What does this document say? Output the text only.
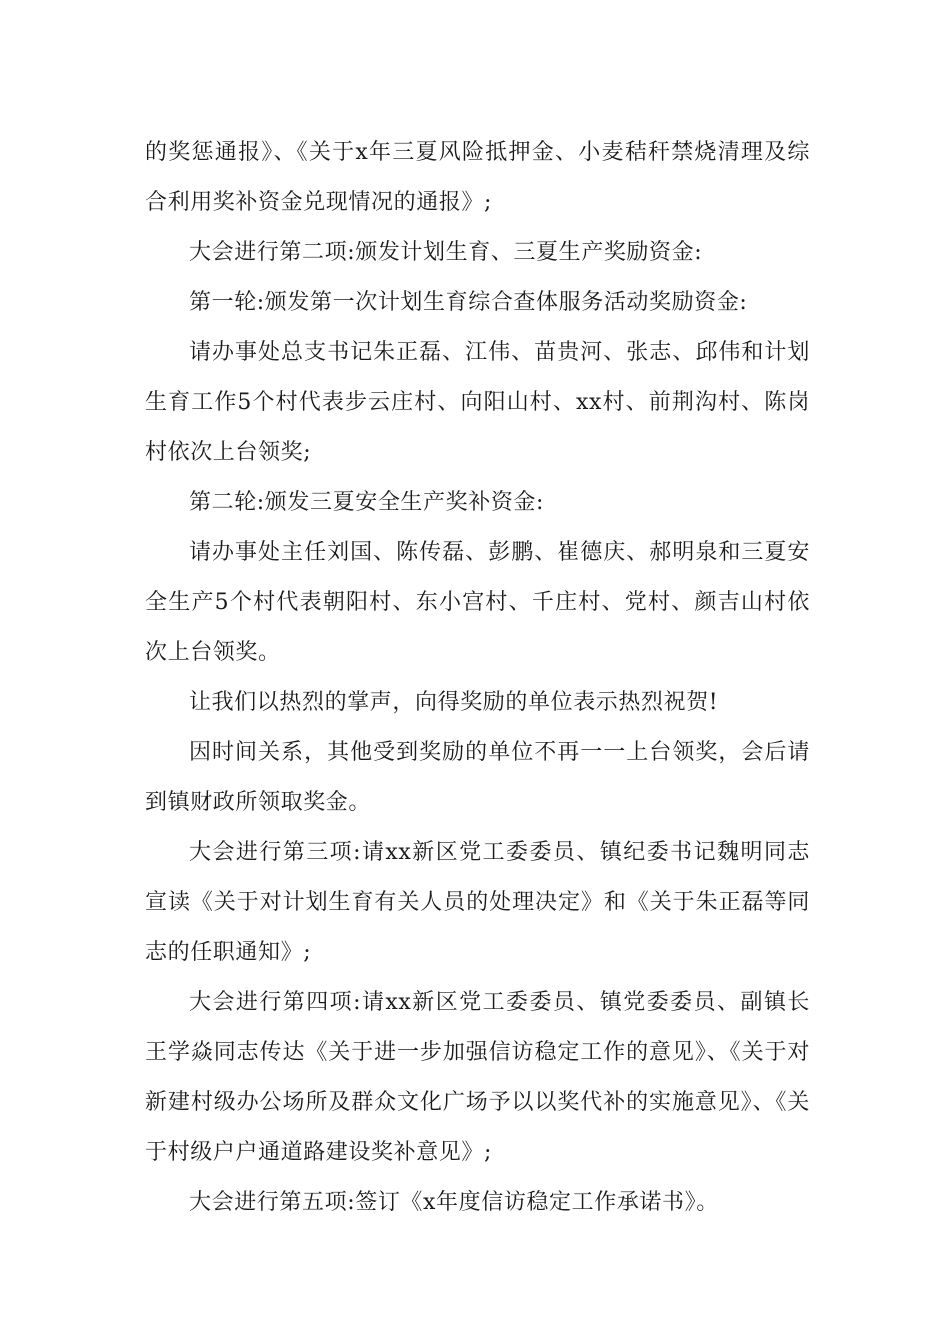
的奖惩通报》、《关于x年三夏风险抵押金、小麦秸秆禁烧清理及综合利用奖补资金兑现情况的通报》;

大会进行第二项:颁发计划生育、三夏生产奖励资金:

第一轮:颁发第一次计划生育综合查体服务活动奖励资金:

请办事处总支书记朱正磊、江伟、苗贵河、张志、邱伟和计划生育工作5个村代表步云庄村、向阳山村、xx村、前荆沟村、陈岗村依次上台领奖;

第二轮:颁发三夏安全生产奖补资金:

请办事处主任刘国、陈传磊、彭鹏、崔德庆、郝明泉和三夏安全生产5个村代表朝阳村、东小宫村、千庄村、党村、颜吉山村依次上台领奖。

让我们以热烈的掌声，向得奖励的单位表示热烈祝贺!

因时间关系，其他受到奖励的单位不再一一上台领奖，会后请到镇财政所领取奖金。

大会进行第三项:请xx新区党工委委员、镇纪委书记魏明同志宣读《关于对计划生育有关人员的处理决定》和《关于朱正磊等同志的任职通知》;

大会进行第四项:请xx新区党工委委员、镇党委委员、副镇长王学焱同志传达《关于进一步加强信访稳定工作的意见》、《关于对新建村级办公场所及群众文化广场予以以奖代补的实施意见》、《关于村级户户通道路建设奖补意见》;

大会进行第五项:签订《x年度信访稳定工作承诺书》。
